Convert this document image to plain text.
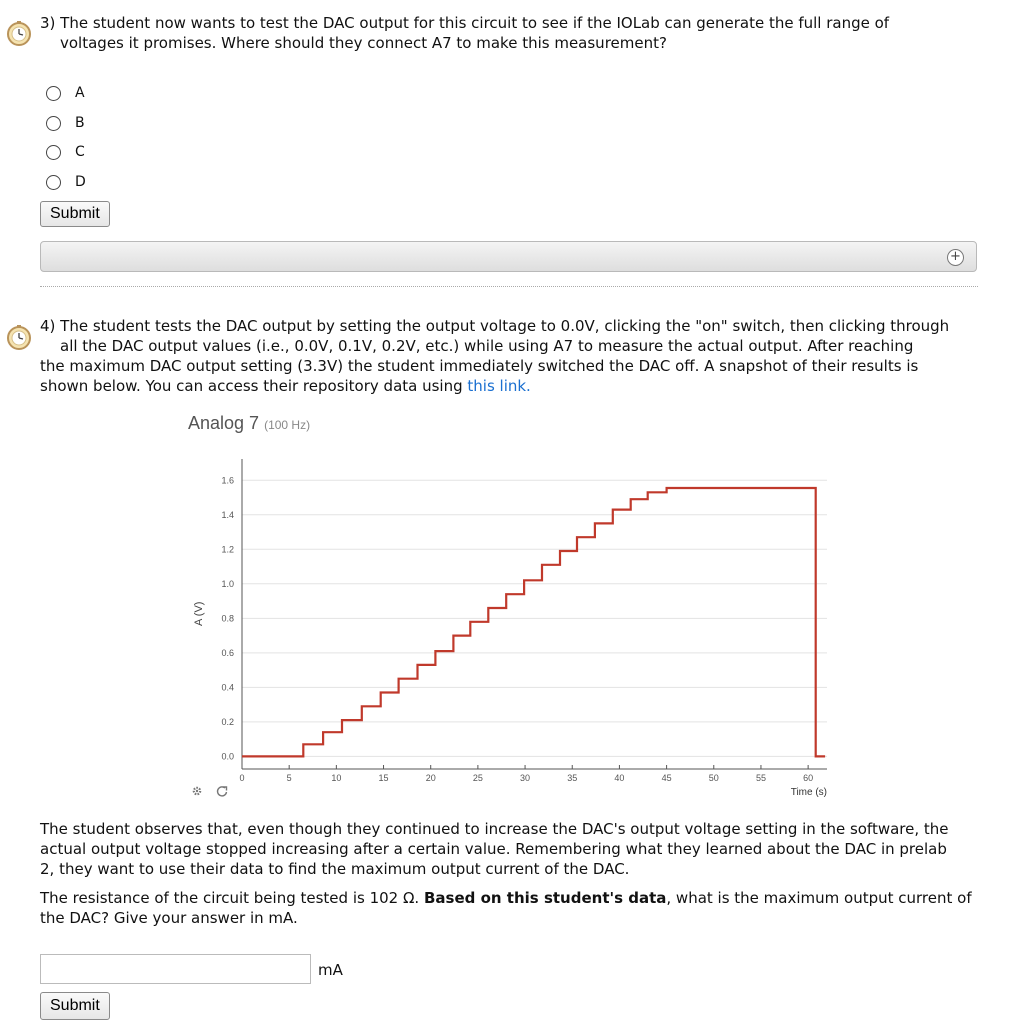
3) The student now wants to test the DAC output for this circuit to see if the IOLab can generate the full range of
voltages it promises. Where should they connect A7 to make this measurement?
A
B
C
D
Submit
+
4) The student tests the DAC output by setting the output voltage to 0.0V, clicking the "on" switch, then clicking through
all the DAC output values (i.e., 0.0V, 0.1V, 0.2V, etc.) while using A7 to measure the actual output. After reaching
the maximum DAC output setting (3.3V) the student immediately switched the DAC off. A snapshot of their results is
shown below. You can access their repository data using this link.
Analog 7 (100 Hz)
0.0
0.2
0.4
0.6
0.8
1.0
1.2
1.4
1.6
0	5	10	15	20	25	30	35	40	45	50	55	60
A (V)
Time (s)
The student observes that, even though they continued to increase the DAC's output voltage setting in the software, the
actual output voltage stopped increasing after a certain value. Remembering what they learned about the DAC in prelab
2, they want to use their data to find the maximum output current of the DAC.
The resistance of the circuit being tested is 102 Ω. Based on this student's data, what is the maximum output current of
the DAC? Give your answer in mA.
mA
Submit
